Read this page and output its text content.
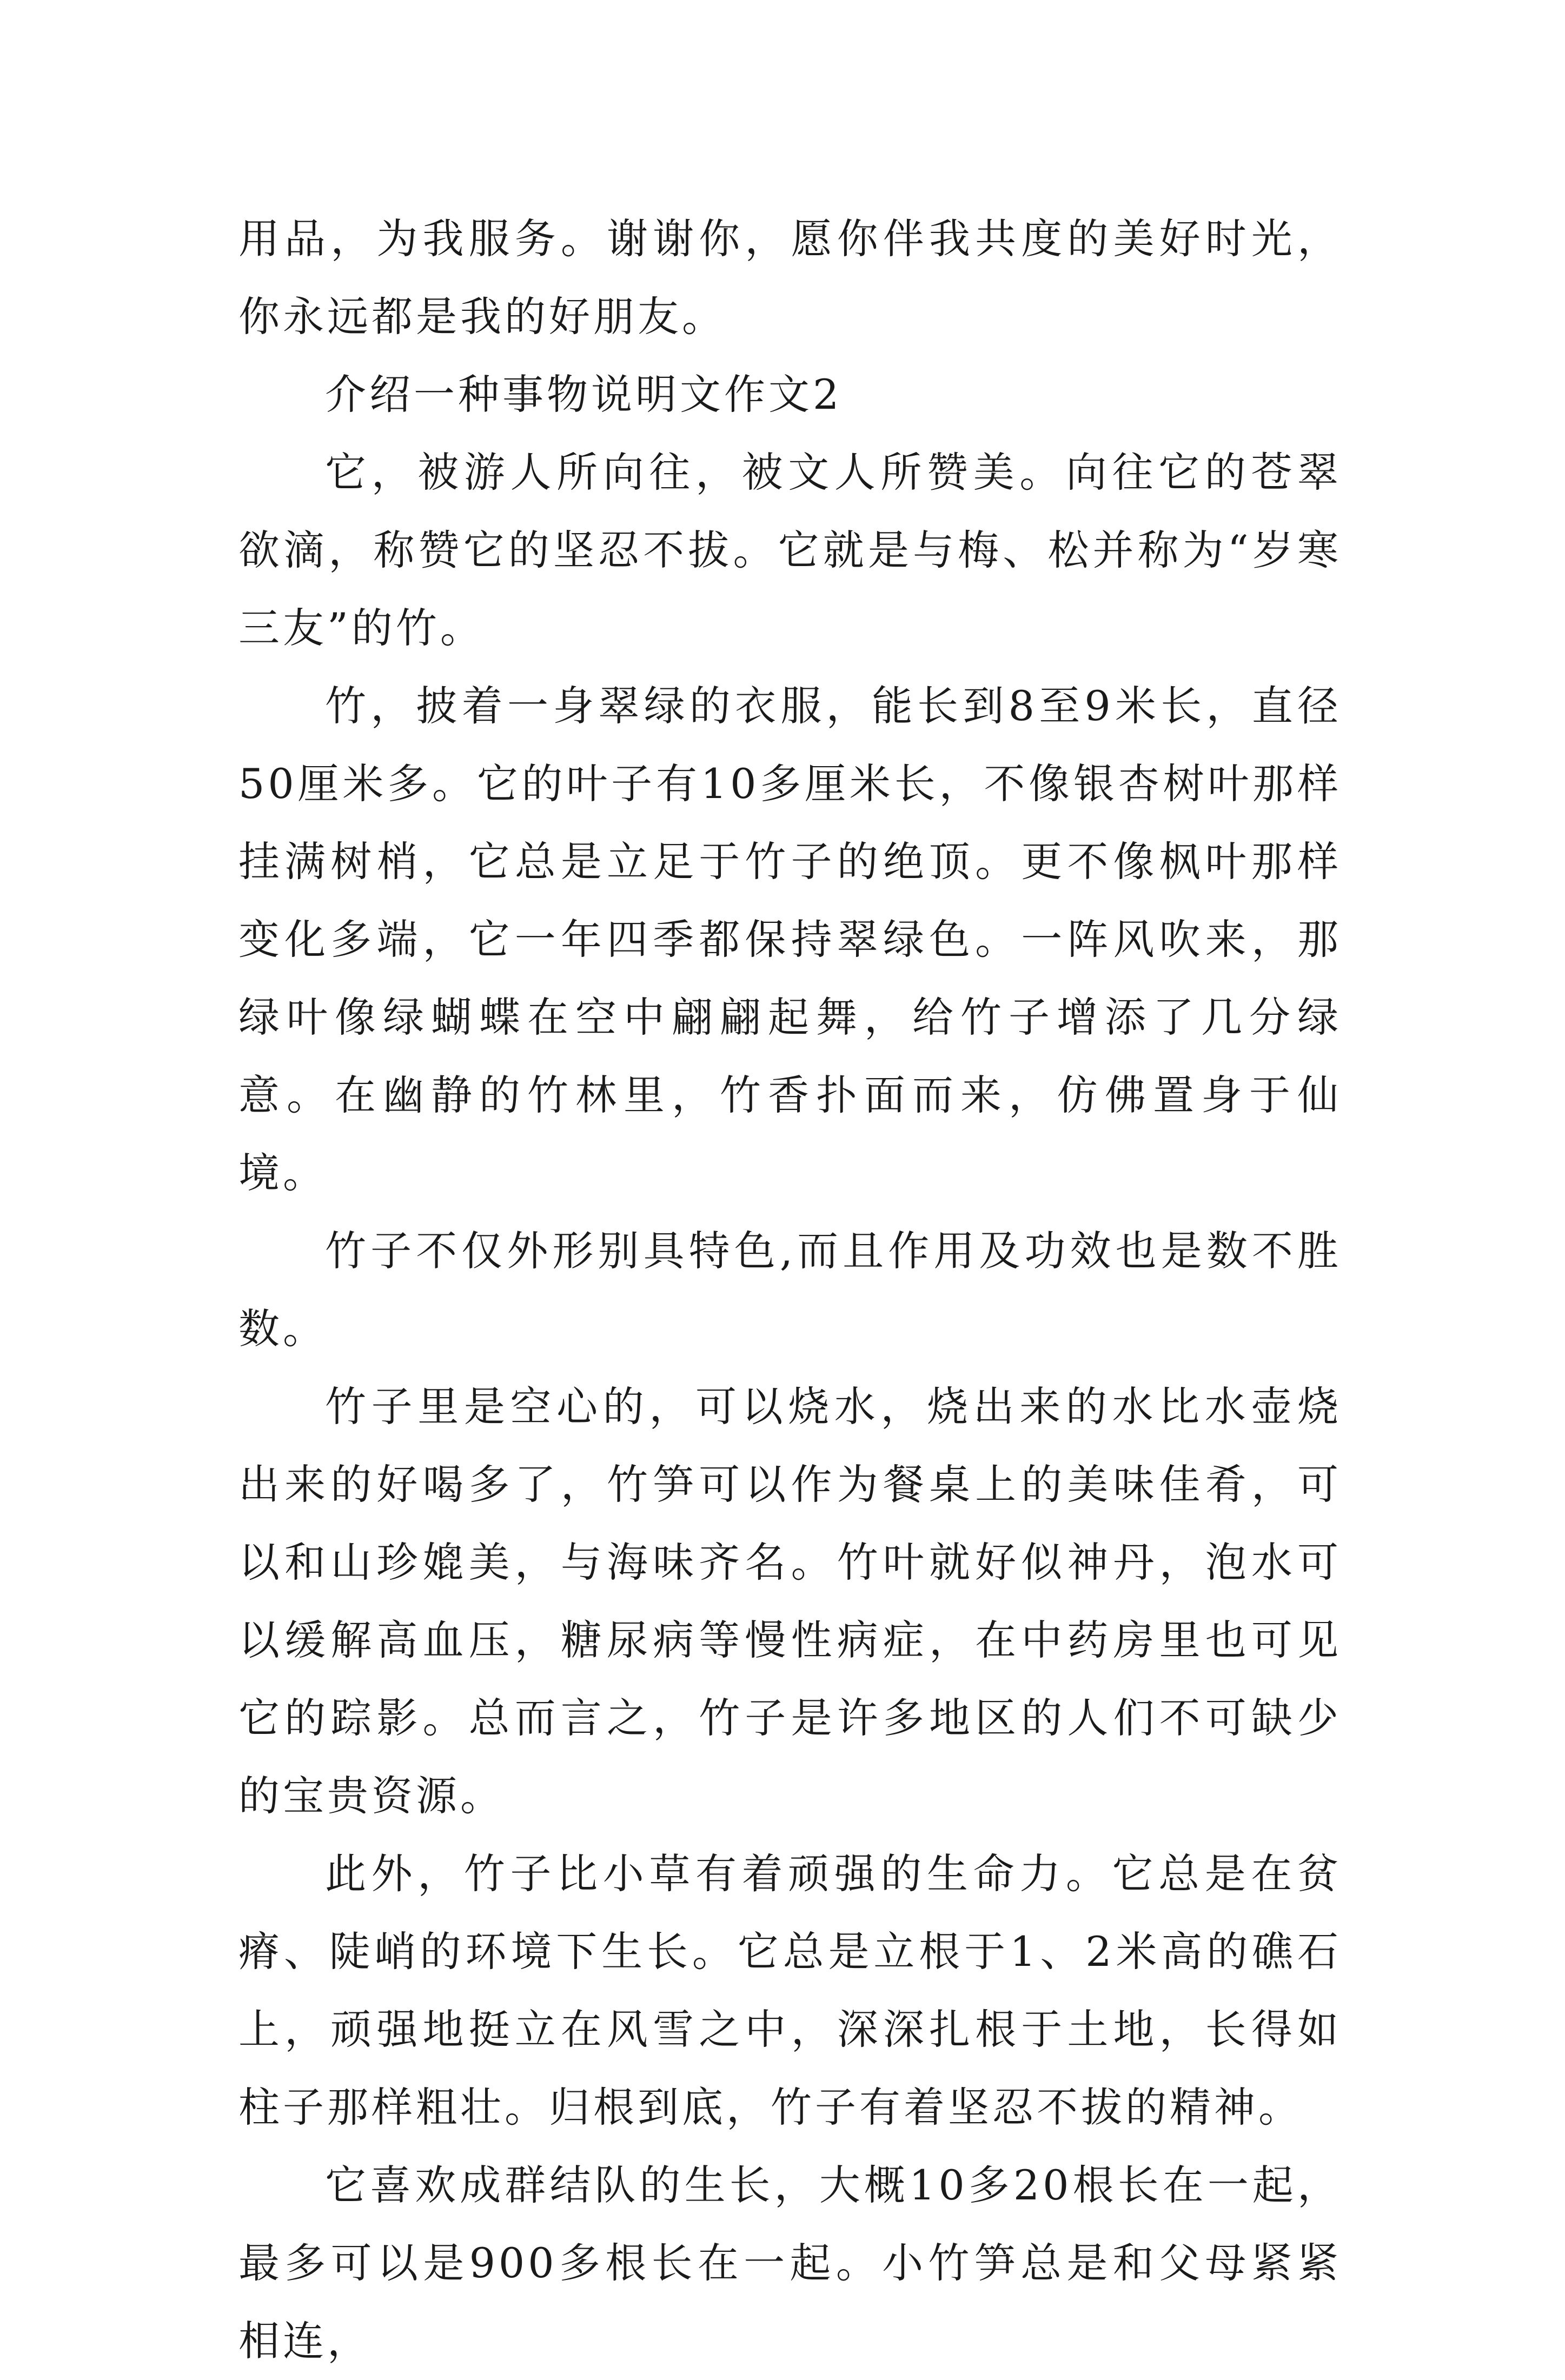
用品，为我服务。谢谢你，愿你伴我共度的美好时光，你永远都是我的好朋友。

介绍一种事物说明文作文2

它，被游人所向往，被文人所赞美。向往它的苍翠欲滴，称赞它的坚忍不拔。它就是与梅、松并称为“岁寒三友”的竹。

竹，披着一身翠绿的衣服，能长到8至9米长，直径50厘米多。它的叶子有10多厘米长，不像银杏树叶那样挂满树梢，它总是立足于竹子的绝顶。更不像枫叶那样变化多端，它一年四季都保持翠绿色。一阵风吹来，那绿叶像绿蝴蝶在空中翩翩起舞，给竹子增添了几分绿意。在幽静的竹林里，竹香扑面而来，仿佛置身于仙境。

竹子不仅外形别具特色,而且作用及功效也是数不胜数。

竹子里是空心的，可以烧水，烧出来的水比水壶烧出来的好喝多了，竹笋可以作为餐桌上的美味佳肴，可以和山珍媲美，与海味齐名。竹叶就好似神丹，泡水可以缓解高血压，糖尿病等慢性病症，在中药房里也可见它的踪影。总而言之，竹子是许多地区的人们不可缺少的宝贵资源。

此外，竹子比小草有着顽强的生命力。它总是在贫瘠、陡峭的环境下生长。它总是立根于1、2米高的礁石上，顽强地挺立在风雪之中，深深扎根于土地，长得如柱子那样粗壮。归根到底，竹子有着坚忍不拔的精神。

它喜欢成群结队的生长，大概10多20根长在一起，最多可以是900多根长在一起。小竹笋总是和父母紧紧相连，
